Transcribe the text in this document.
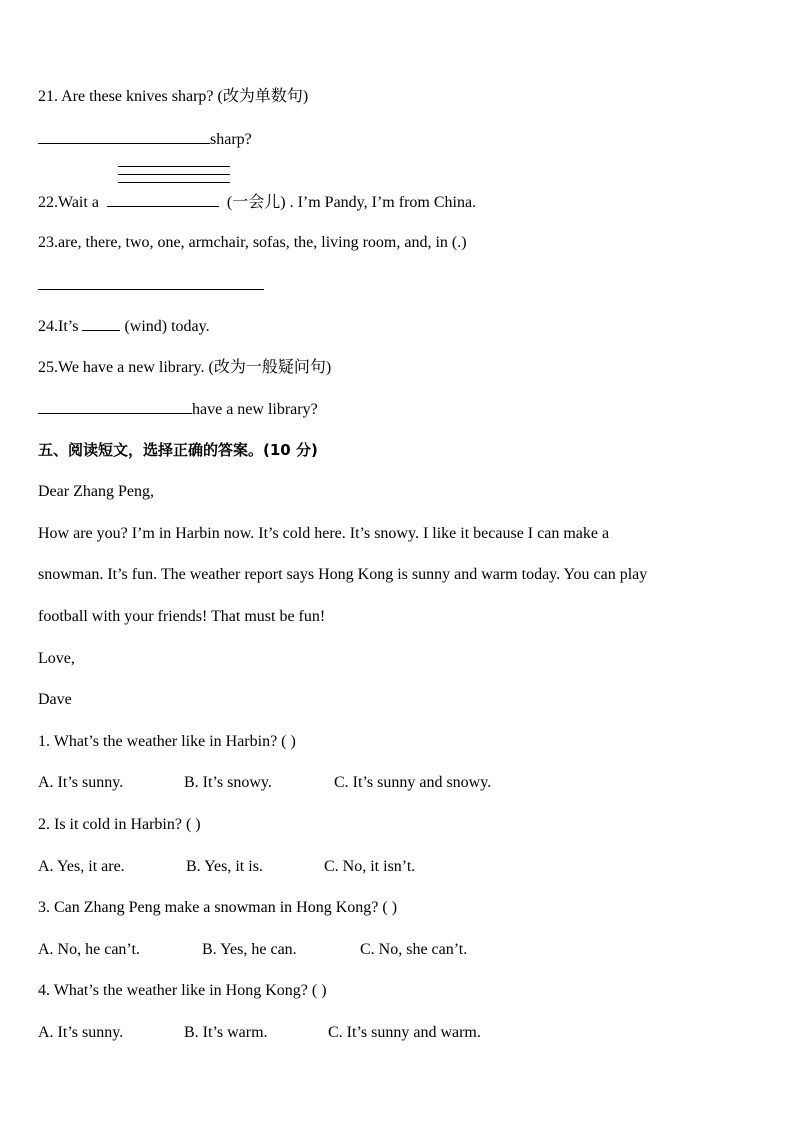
21. Are these knives sharp? (改为单数句)
sharp?
22.Wait a	(一会儿) . I’m Pandy, I’m from China.
23.are, there, two, one, armchair, sofas, the, living room, and, in (.)
24.It’s	(wind) today.
25.We have a new library. (改为一般疑问句)
have a new library?
五、阅读短文，选择正确的答案。(10 分)
Dear Zhang Peng,
How are you? I’m in Harbin now. It’s cold here. It’s snowy. I like it because I can make a
snowman. It’s fun. The weather report says Hong Kong is sunny and warm today. You can play
football with your friends! That must be fun!
Love,
Dave
1. What’s the weather like in Harbin? ( )
A. It’s sunny.	B. It’s snowy.	C. It’s sunny and snowy.
2. Is it cold in Harbin? ( )
A. Yes, it are.	B. Yes, it is.	C. No, it isn’t.
3. Can Zhang Peng make a snowman in Hong Kong? ( )
A. No, he can’t.	B. Yes, he can.	C. No, she can’t.
4. What’s the weather like in Hong Kong? ( )
A. It’s sunny.	B. It’s warm.	C. It’s sunny and warm.
